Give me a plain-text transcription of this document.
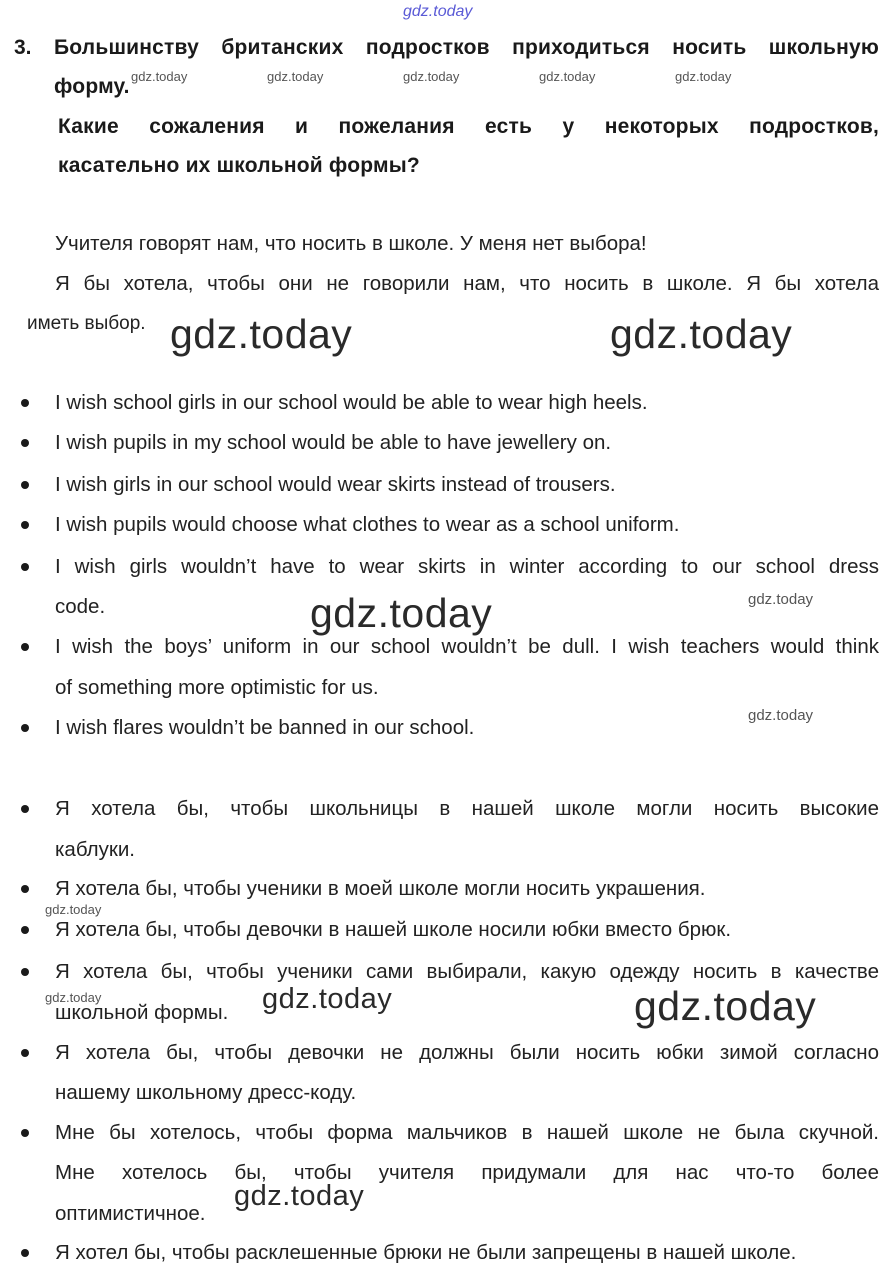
gdz.today
3. Большинству британских подростков приходиться носить школьную
форму. gdz.today	gdz.today	gdz.today	gdz.today	gdz.today
Какие сожаления и пожелания есть у некоторых подростков,
касательно их школьной формы?
Учителя говорят нам, что носить в школе. У меня нет выбора!
Я бы хотела, чтобы они не говорили нам, что носить в школе. Я бы хотела
иметь выбор. gdz.today	gdz.today
I wish school girls in our school would be able to wear high heels.
I wish pupils in my school would be able to have jewellery on.
I wish girls in our school would wear skirts instead of trousers.
I wish pupils would choose what clothes to wear as a school uniform.
I wish girls wouldn’t have to wear skirts in winter according to our school dress
code.	gdz.today	gdz.today
I wish the boys’ uniform in our school wouldn’t be dull. I wish teachers would think
of something more optimistic for us.
I wish flares wouldn’t be banned in our school.
gdz.today
Я хотела бы, чтобы школьницы в нашей школе могли носить высокие
каблуки.
Я хотела бы, чтобы ученики в моей школе могли носить украшения.
gdz.today
Я хотела бы, чтобы девочки в нашей школе носили юбки вместо брюк.
Я хотела бы, чтобы ученики сами выбирали, какую одежду носить в качестве
gdz.today
школьной формы. gdz.today	gdz.today
Я хотела бы, чтобы девочки не должны были носить юбки зимой согласно
нашему школьному дресс-коду.
Мне бы хотелось, чтобы форма мальчиков в нашей школе не была скучной.
Мне хотелось бы, чтобы учителя придумали для нас что-то более
оптимистичное.
gdz.today
Я хотел бы, чтобы расклешенные брюки не были запрещены в нашей школе.
